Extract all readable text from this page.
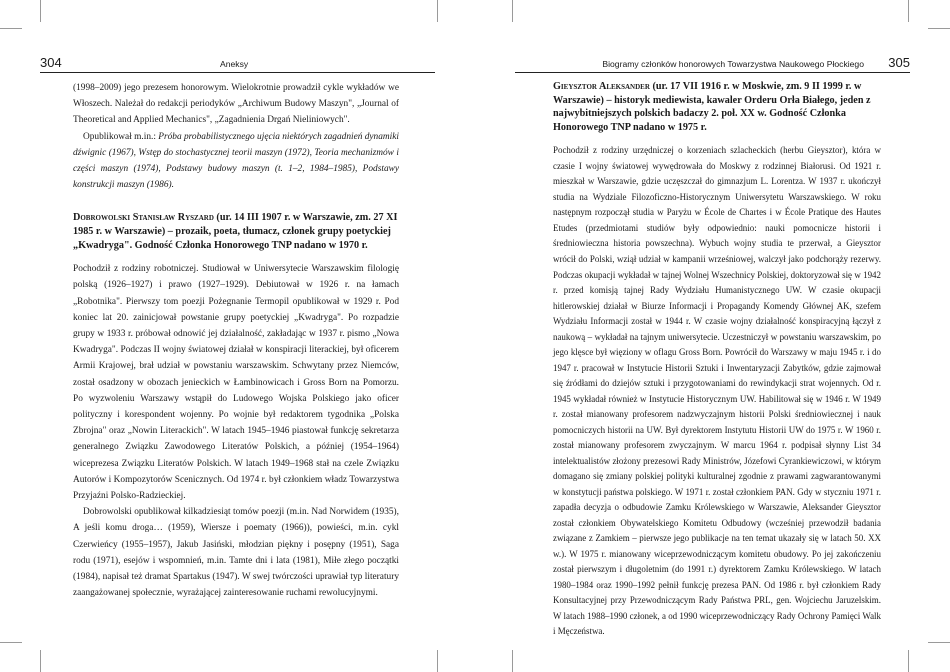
304	Aneksy

(1998–2009) jego prezesem honorowym. Wielokrotnie prowadził cykle wykładów we Włoszech. Należał do redakcji periodyków „Archiwum Budowy Maszyn", „Journal of Theoretical and Applied Mechanics", „Zagadnienia Drgań Nieliniowych".

Opublikował m.in.: Próba probabilistycznego ujęcia niektórych zagadnień dynamiki dźwignic (1967), Wstęp do stochastycznej teorii maszyn (1972), Teoria mechanizmów i części maszyn (1974), Podstawy budowy maszyn (t. 1–2, 1984–1985), Podstawy konstrukcji maszyn (1986).

Dobrowolski Stanisław Ryszard (ur. 14 III 1907 r. w Warszawie, zm. 27 XI 1985 r. w Warszawie) – prozaik, poeta, tłumacz, członek grupy poetyckiej „Kwadryga". Godność Członka Honorowego TNP nadano w 1970 r.

Pochodził z rodziny robotniczej. Studiował w Uniwersytecie Warszawskim filologię polską (1926–1927) i prawo (1927–1929). Debiutował w 1926 r. na łamach „Robotnika". Pierwszy tom poezji Pożegnanie Termopil opublikował w 1929 r. Pod koniec lat 20. zainicjował powstanie grupy poetyckiej „Kwadryga". Po rozpadzie grupy w 1933 r. próbował odnowić jej działalność, zakładając w 1937 r. pismo „Nowa Kwadryga". Podczas II wojny światowej działał w konspiracji literackiej, był oficerem Armii Krajowej, brał udział w powstaniu warszawskim. Schwytany przez Niemców, został osadzony w obozach jenieckich w Łambinowicach i Gross Born na Pomorzu. Po wyzwoleniu Warszawy wstąpił do Ludowego Wojska Polskiego jako oficer polityczny i korespondent wojenny. Po wojnie był redaktorem tygodnika „Polska Zbrojna" oraz „Nowin Literackich". W latach 1945–1946 piastował funkcję sekretarza generalnego Związku Zawodowego Literatów Polskich, a później (1954–1964) wiceprezesa Związku Literatów Polskich. W latach 1949–1968 stał na czele Związku Autorów i Kompozytorów Scenicznych. Od 1974 r. był członkiem władz Towarzystwa Przyjaźni Polsko-Radzieckiej.

Dobrowolski opublikował kilkadziesiąt tomów poezji (m.in. Nad Norwidem (1935), A jeśli komu droga… (1959), Wiersze i poematy (1966)), powieści, m.in. cykl Czerwieńcy (1955–1957), Jakub Jasiński, młodzian piękny i posępny (1951), Saga rodu (1971), esejów i wspomnień, m.in. Tamte dni i lata (1981), Miłe złego początki (1984), napisał też dramat Spartakus (1947). W swej twórczości uprawiał typ literatury zaangażowanej społecznie, wyrażającej zainteresowanie ruchami rewolucyjnymi.

Biogramy członków honorowych Towarzystwa Naukowego Płockiego 305

Gieysztor Aleksander (ur. 17 VII 1916 r. w Moskwie, zm. 9 II 1999 r. w Warszawie) – historyk mediewista, kawaler Orderu Orła Białego, jeden z najwybitniejszych polskich badaczy 2. poł. XX w. Godność Członka Honorowego TNP nadano w 1975 r.

Pochodził z rodziny urzędniczej o korzeniach szlacheckich (herbu Gieysztor), która w czasie I wojny światowej wywędrowała do Moskwy z rodzinnej Białorusi. Od 1921 r. mieszkał w Warszawie, gdzie uczęszczał do gimnazjum L. Lorentza. W 1937 r. ukończył studia na Wydziale Filozoficzno-Historycznym Uniwersytetu Warszawskiego. W roku następnym rozpoczął studia w Paryżu w École de Chartes i w École Pratique des Hautes Etudes (przedmiotami studiów były odpowiednio: nauki pomocnicze historii i średniowieczna historia powszechna). Wybuch wojny studia te przerwał, a Gieysztor wrócił do Polski, wziął udział w kampanii wrześniowej, walczył jako podchorąży rezerwy. Podczas okupacji wykładał w tajnej Wolnej Wszechnicy Polskiej, doktoryzował się w 1942 r. przed komisją tajnej Rady Wydziału Humanistycznego UW. W czasie okupacji hitlerowskiej działał w Biurze Informacji i Propagandy Komendy Głównej AK, szefem Wydziału Informacji został w 1944 r. W czasie wojny działalność konspiracyjną łączył z naukową – wykładał na tajnym uniwersytecie. Uczestniczył w powstaniu warszawskim, po jego klęsce był więziony w oflagu Gross Born. Powrócił do Warszawy w maju 1945 r. i do 1947 r. pracował w Instytucie Historii Sztuki i Inwentaryzacji Zabytków, gdzie zajmował się źródłami do dziejów sztuki i przygotowaniami do rewindykacji strat wojennych. Od r. 1945 wykładał również w Instytucie Historycznym UW. Habilitował się w 1946 r. W 1949 r. został mianowany profesorem nadzwyczajnym historii Polski średniowiecznej i nauk pomocniczych historii na UW. Był dyrektorem Instytutu Historii UW do 1975 r. W 1960 r. został mianowany profesorem zwyczajnym. W marcu 1964 r. podpisał słynny List 34 intelektualistów złożony prezesowi Rady Ministrów, Józefowi Cyrankiewiczowi, w którym domagano się zmiany polskiej polityki kulturalnej zgodnie z prawami zagwarantowanymi w konstytucji państwa polskiego. W 1971 r. został członkiem PAN. Gdy w styczniu 1971 r. zapadła decyzja o odbudowie Zamku Królewskiego w Warszawie, Aleksander Gieysztor został członkiem Obywatelskiego Komitetu Odbudowy (wcześniej przewodził badania związane z Zamkiem – pierwsze jego publikacje na ten temat ukazały się w latach 50. XX w.). W 1975 r. mianowany wiceprzewodniczącym komitetu obudowy. Po jej zakończeniu został pierwszym i długoletnim (do 1991 r.) dyrektorem Zamku Królewskiego. W latach 1980–1984 oraz 1990–1992 pełnił funkcję prezesa PAN. Od 1986 r. był członkiem Rady Konsultacyjnej przy Przewodniczącym Rady Państwa PRL, gen. Wojciechu Jaruzelskim. W latach 1988–1990 członek, a od 1990 wiceprzewodniczący Rady Ochrony Pamięci Walk i Męczeństwa.
